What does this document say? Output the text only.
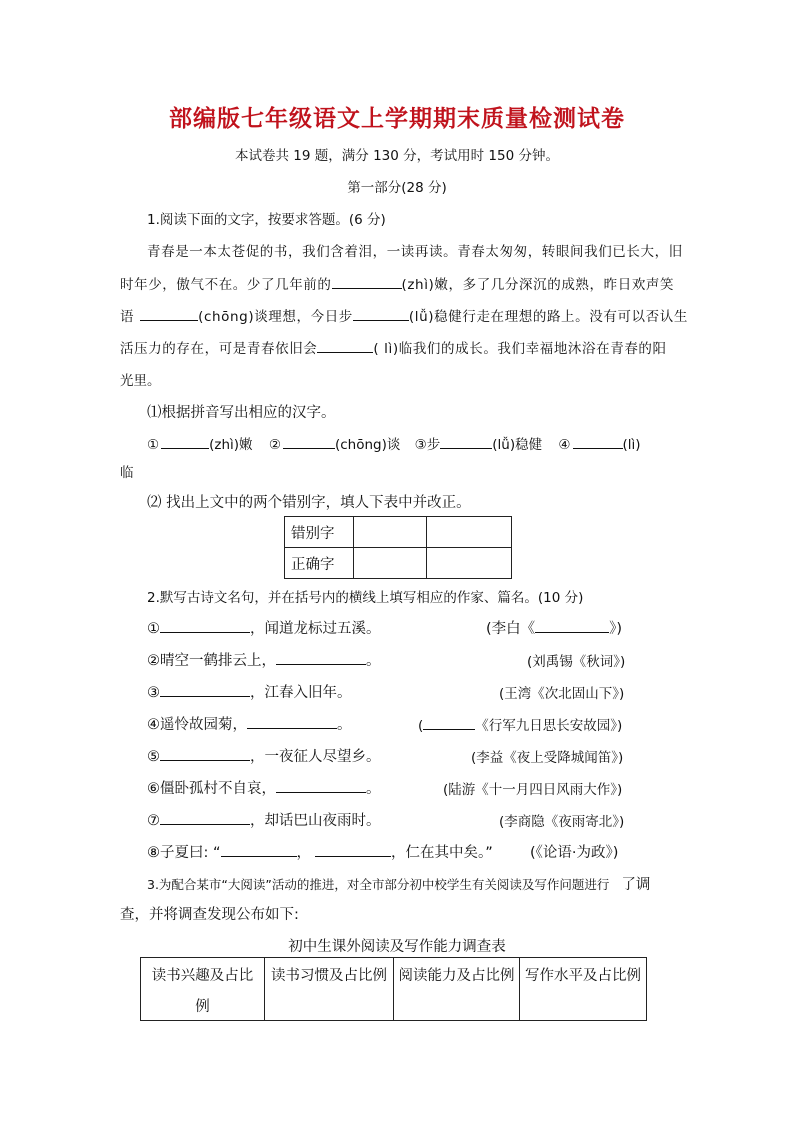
部编版七年级语文上学期期末质量检测试卷
本试卷共 19 题，满分 130 分，考试用时 150 分钟。
第一部分(28 分)
1.阅读下面的文字，按要求答题。(6 分)
青春是一本太苍促的书，我们含着泪，一读再读。青春太匆匆，转眼间我们已长大，旧
时年少，傲气不在。少了几年前的	(zhì)嫩，多了几分深沉的成熟，昨日欢声笑
语	(chōng)谈理想，今日步	(lǚ)稳健行走在理想的路上。没有可以否认生
活压力的存在，可是青春依旧会	( lì)临我们的成长。我们幸福地沐浴在青春的阳
光里。
⑴根据拼音写出相应的汉字。
①	(zhì)嫩 ②	(chōng)谈 ③步	(lǚ)稳健 ④	(lì)
临
⑵ 找出上文中的两个错别字，填人下表中并改正。
错别字		
正确字		
2.默写古诗文名句，并在括号内的横线上填写相应的作家、篇名。(10 分)
①	，闻道龙标过五溪。	(李白《	》)
②晴空一鹤排云上，	。	(刘禹锡《秋词》)
③	，江春入旧年。	(王湾《次北固山下》)
④遥怜故园菊，	。	(	《行军九日思长安故园》)
⑤	，一夜征人尽望乡。	(李益《夜上受降城闻笛》)
⑥僵卧孤村不自哀，	。	(陆游《十一月四日风雨大作》)
⑦	，却话巴山夜雨时。	(李商隐《夜雨寄北》)
⑧子夏曰: “	，	，仁在其中矣。”	(《论语·为政》)
3.为配合某市“大阅读”活动的推进，对全市部分初中校学生有关阅读及写作问题进行 了调
查，并将调查发现公布如下:
初中生课外阅读及写作能力调查表
读书兴趣及占比
例
	读书习惯及占比例	阅读能力及占比例	写作水平及占比例
